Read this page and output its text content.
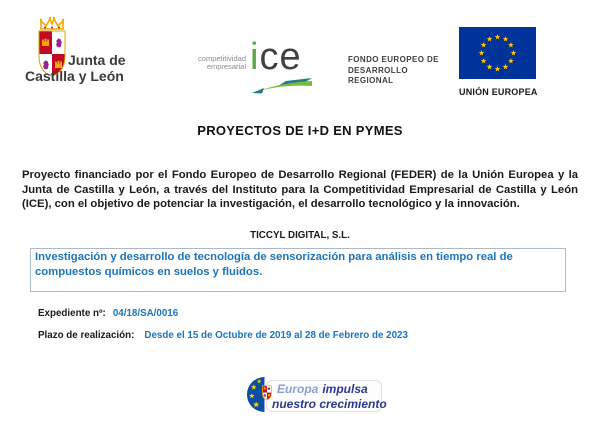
Junta de
Castilla y León
competitividad
empresarial ice	FONDO EUROPEO DE
DESARROLLO
REGIONAL
UNIÓN EUROPEA
PROYECTOS DE I+D EN PYMES

Proyecto financiado por el Fondo Europeo de Desarrollo Regional (FEDER) de la Unión Europea y la Junta de Castilla y León, a través del Instituto para la Competitividad Empresarial de Castilla y León (ICE), con el objetivo de potenciar la investigación, el desarrollo tecnológico y la innovación.

TICCYL DIGITAL, S.L.
Investigación y desarrollo de tecnología de sensorización para análisis en tiempo real de compuestos químicos en suelos y fluidos.
Expediente nº: 04/18/SA/0016
Plazo de realización: Desde el 15 de Octubre de 2019 al 28 de Febrero de 2023
Europa impulsa
nuestro crecimiento
